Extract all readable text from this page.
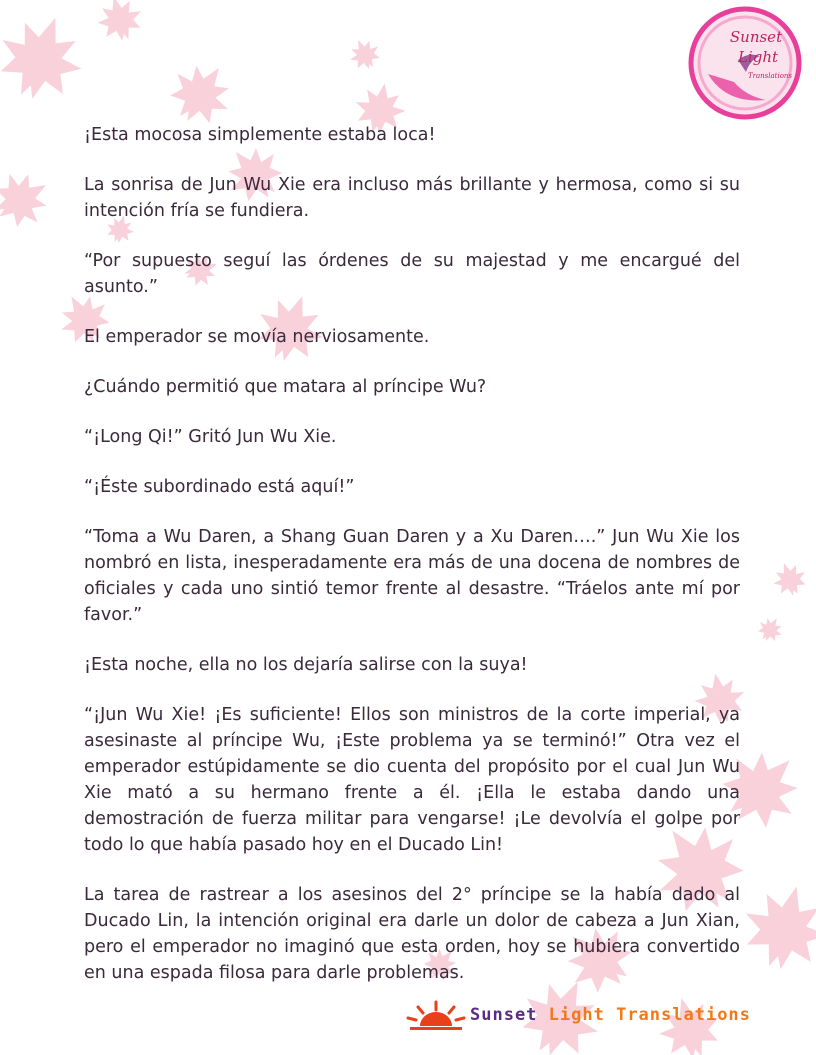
Sunset
Light
Translations

¡Esta mocosa simplemente estaba loca!

La sonrisa de Jun Wu Xie era incluso más brillante y hermosa, como si su intención fría se fundiera.

“Por supuesto seguí las órdenes de su majestad y me encargué del asunto.”

El emperador se movía nerviosamente.

¿Cuándo permitió que matara al príncipe Wu?

“¡Long Qi!” Gritó Jun Wu Xie.

“¡Éste subordinado está aquí!”

“Toma a Wu Daren, a Shang Guan Daren y a Xu Daren….” Jun Wu Xie los nombró en lista, inesperadamente era más de una docena de nombres de oficiales y cada uno sintió temor frente al desastre. “Tráelos ante mí por favor.”

¡Esta noche, ella no los dejaría salirse con la suya!

“¡Jun Wu Xie! ¡Es suficiente! Ellos son ministros de la corte imperial, ya asesinaste al príncipe Wu, ¡Este problema ya se terminó!” Otra vez el emperador estúpidamente se dio cuenta del propósito por el cual Jun Wu Xie mató a su hermano frente a él. ¡Ella le estaba dando una demostración de fuerza militar para vengarse! ¡Le devolvía el golpe por todo lo que había pasado hoy en el Ducado Lin!

La tarea de rastrear a los asesinos del 2° príncipe se la había dado al Ducado Lin, la intención original era darle un dolor de cabeza a Jun Xian, pero el emperador no imaginó que esta orden, hoy se hubiera convertido en una espada filosa para darle problemas.

Sunset Light Translations
